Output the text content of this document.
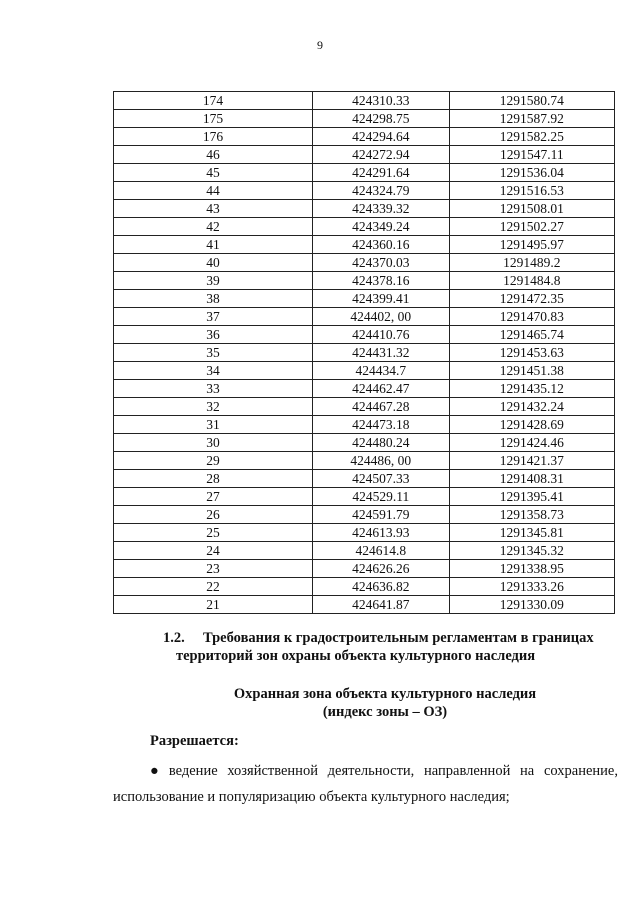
9
174	424310.33	1291580.74
175	424298.75	1291587.92
176	424294.64	1291582.25
46	424272.94	1291547.11
45	424291.64	1291536.04
44	424324.79	1291516.53
43	424339.32	1291508.01
42	424349.24	1291502.27
41	424360.16	1291495.97
40	424370.03	1291489.2
39	424378.16	1291484.8
38	424399.41	1291472.35
37	424402, 00	1291470.83
36	424410.76	1291465.74
35	424431.32	1291453.63
34	424434.7	1291451.38
33	424462.47	1291435.12
32	424467.28	1291432.24
31	424473.18	1291428.69
30	424480.24	1291424.46
29	424486, 00	1291421.37
28	424507.33	1291408.31
27	424529.11	1291395.41
26	424591.79	1291358.73
25	424613.93	1291345.81
24	424614.8	1291345.32
23	424626.26	1291338.95
22	424636.82	1291333.26
21	424641.87	1291330.09
1.2. Требования к градостроительным регламентам в границах
территорий зон охраны объекта культурного наследия
Охранная зона объекта культурного наследия
(индекс зоны – ОЗ)
Разрешается:
● ведение хозяйственной деятельности, направленной на сохранение,
использование и популяризацию объекта культурного наследия;
